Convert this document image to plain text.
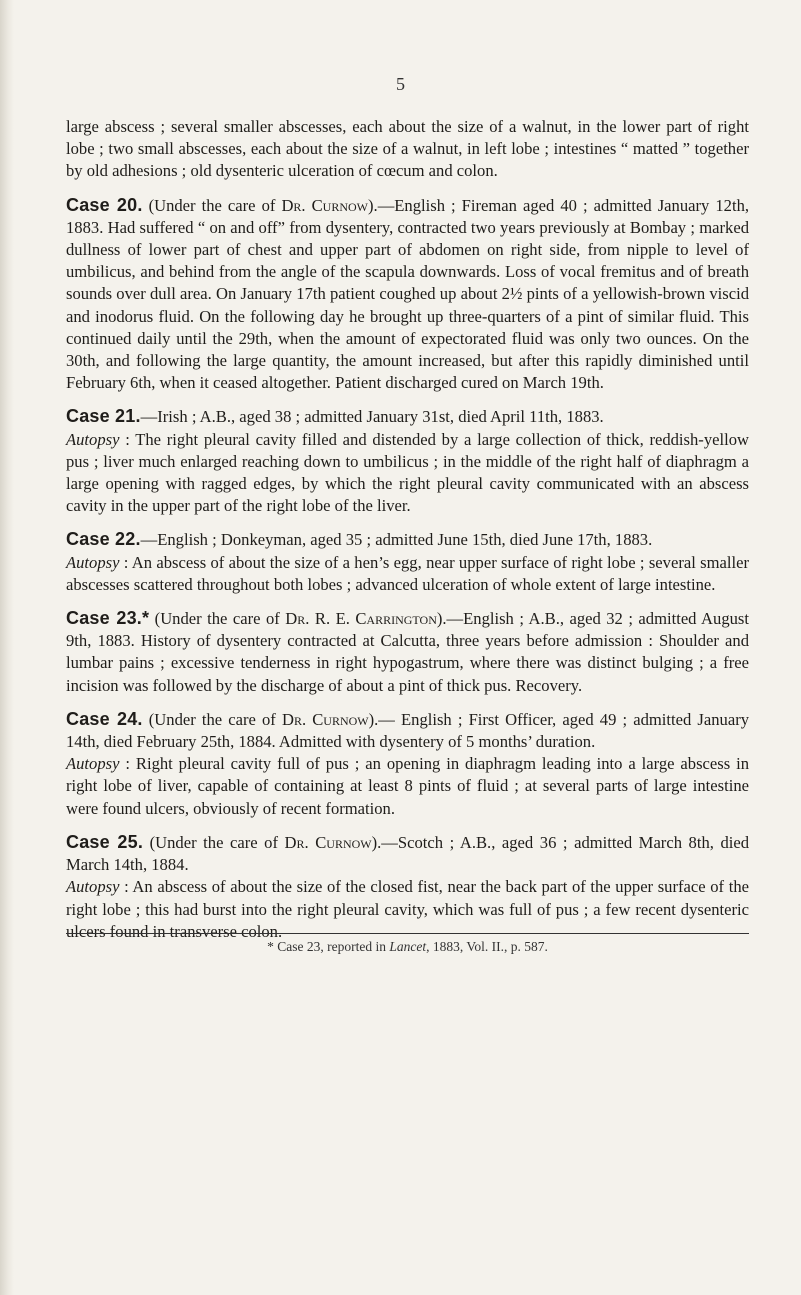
5

large abscess ; several smaller abscesses, each about the size of a walnut, in the lower part of right lobe ; two small abscesses, each about the size of a walnut, in left lobe ; intestines “ matted ” together by old adhesions ; old dysenteric ulceration of cœcum and colon.

Case 20. (Under the care of Dr. Curnow).—English ; Fireman aged 40 ; admitted January 12th, 1883. Had suffered “ on and off” from dysentery, contracted two years previously at Bombay ; marked dullness of lower part of chest and upper part of abdomen on right side, from nipple to level of umbilicus, and behind from the angle of the scapula downwards. Loss of vocal fremitus and of breath sounds over dull area. On January 17th patient coughed up about 2½ pints of a yellowish-brown viscid and inodorus fluid. On the following day he brought up three-quarters of a pint of similar fluid. This continued daily until the 29th, when the amount of expectorated fluid was only two ounces. On the 30th, and following the large quantity, the amount increased, but after this rapidly diminished until February 6th, when it ceased altogether. Patient discharged cured on March 19th.

Case 21.—Irish ; A.B., aged 38 ; admitted January 31st, died April 11th, 1883.

Autopsy : The right pleural cavity filled and distended by a large collection of thick, reddish-yellow pus ; liver much enlarged reaching down to umbilicus ; in the middle of the right half of diaphragm a large opening with ragged edges, by which the right pleural cavity communicated with an abscess cavity in the upper part of the right lobe of the liver.

Case 22.—English ; Donkeyman, aged 35 ; admitted June 15th, died June 17th, 1883.

Autopsy : An abscess of about the size of a hen’s egg, near upper surface of right lobe ; several smaller abscesses scattered throughout both lobes ; advanced ulceration of whole extent of large intestine.

Case 23.* (Under the care of Dr. R. E. Carrington).—English ; A.B., aged 32 ; admitted August 9th, 1883. History of dysentery contracted at Calcutta, three years before admission : Shoulder and lumbar pains ; excessive tenderness in right hypogastrum, where there was distinct bulging ; a free incision was followed by the discharge of about a pint of thick pus. Recovery.

Case 24. (Under the care of Dr. Curnow).— English ; First Officer, aged 49 ; admitted January 14th, died February 25th, 1884. Admitted with dysentery of 5 months’ duration.

Autopsy : Right pleural cavity full of pus ; an opening in diaphragm leading into a large abscess in right lobe of liver, capable of containing at least 8 pints of fluid ; at several parts of large intestine were found ulcers, obviously of recent formation.

Case 25. (Under the care of Dr. Curnow).—Scotch ; A.B., aged 36 ; admitted March 8th, died March 14th, 1884.

Autopsy : An abscess of about the size of the closed fist, near the back part of the upper surface of the right lobe ; this had burst into the right pleural cavity, which was full of pus ; a few recent dysenteric ulcers found in transverse colon.

* Case 23, reported in Lancet, 1883, Vol. II., p. 587.
